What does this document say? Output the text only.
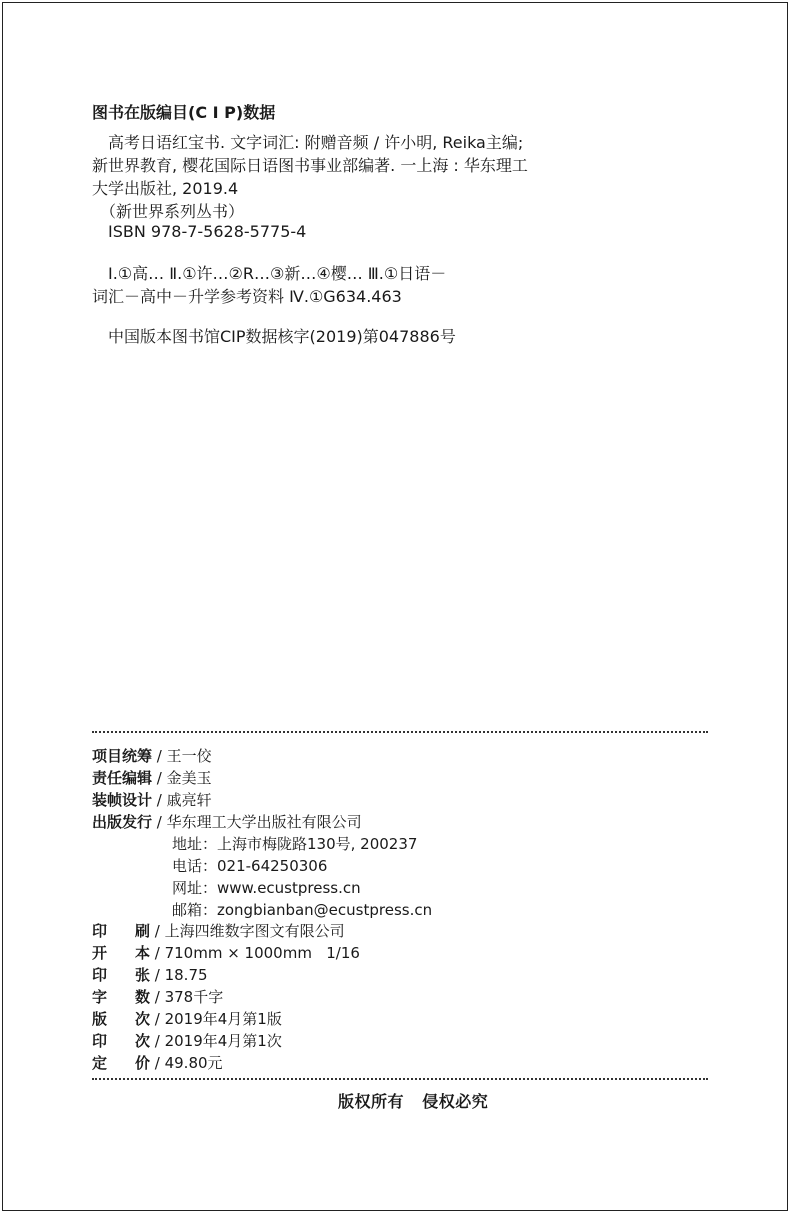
图书在版编目(C I P)数据
高考日语红宝书. 文字词汇: 附赠音频 / 许小明, Reika主编;
新世界教育, 樱花国际日语图书事业部编著. 一上海 : 华东理工
大学出版社, 2019.4
（新世界系列丛书）
ISBN 978-7-5628-5775-4
Ⅰ.①高… Ⅱ.①许…②R…③新…④樱… Ⅲ.①日语－
词汇－高中－升学参考资料 Ⅳ.①G634.463
中国版本图书馆CIP数据核字(2019)第047886号
项目统筹 / 王一佼
责任编辑 / 金美玉
装帧设计 / 戚亮轩
出版发行 / 华东理工大学出版社有限公司
地址：上海市梅陇路130号, 200237
电话：021-64250306
网址：www.ecustpress.cn
邮箱：zongbianban@ecustpress.cn
印 刷 / 上海四维数字图文有限公司
开 本 / 710mm × 1000mm   1/16
印 张 / 18.75
字 数 / 378千字
版 次 / 2019年4月第1版
印 次 / 2019年4月第1次
定 价 / 49.80元
版权所有   侵权必究
